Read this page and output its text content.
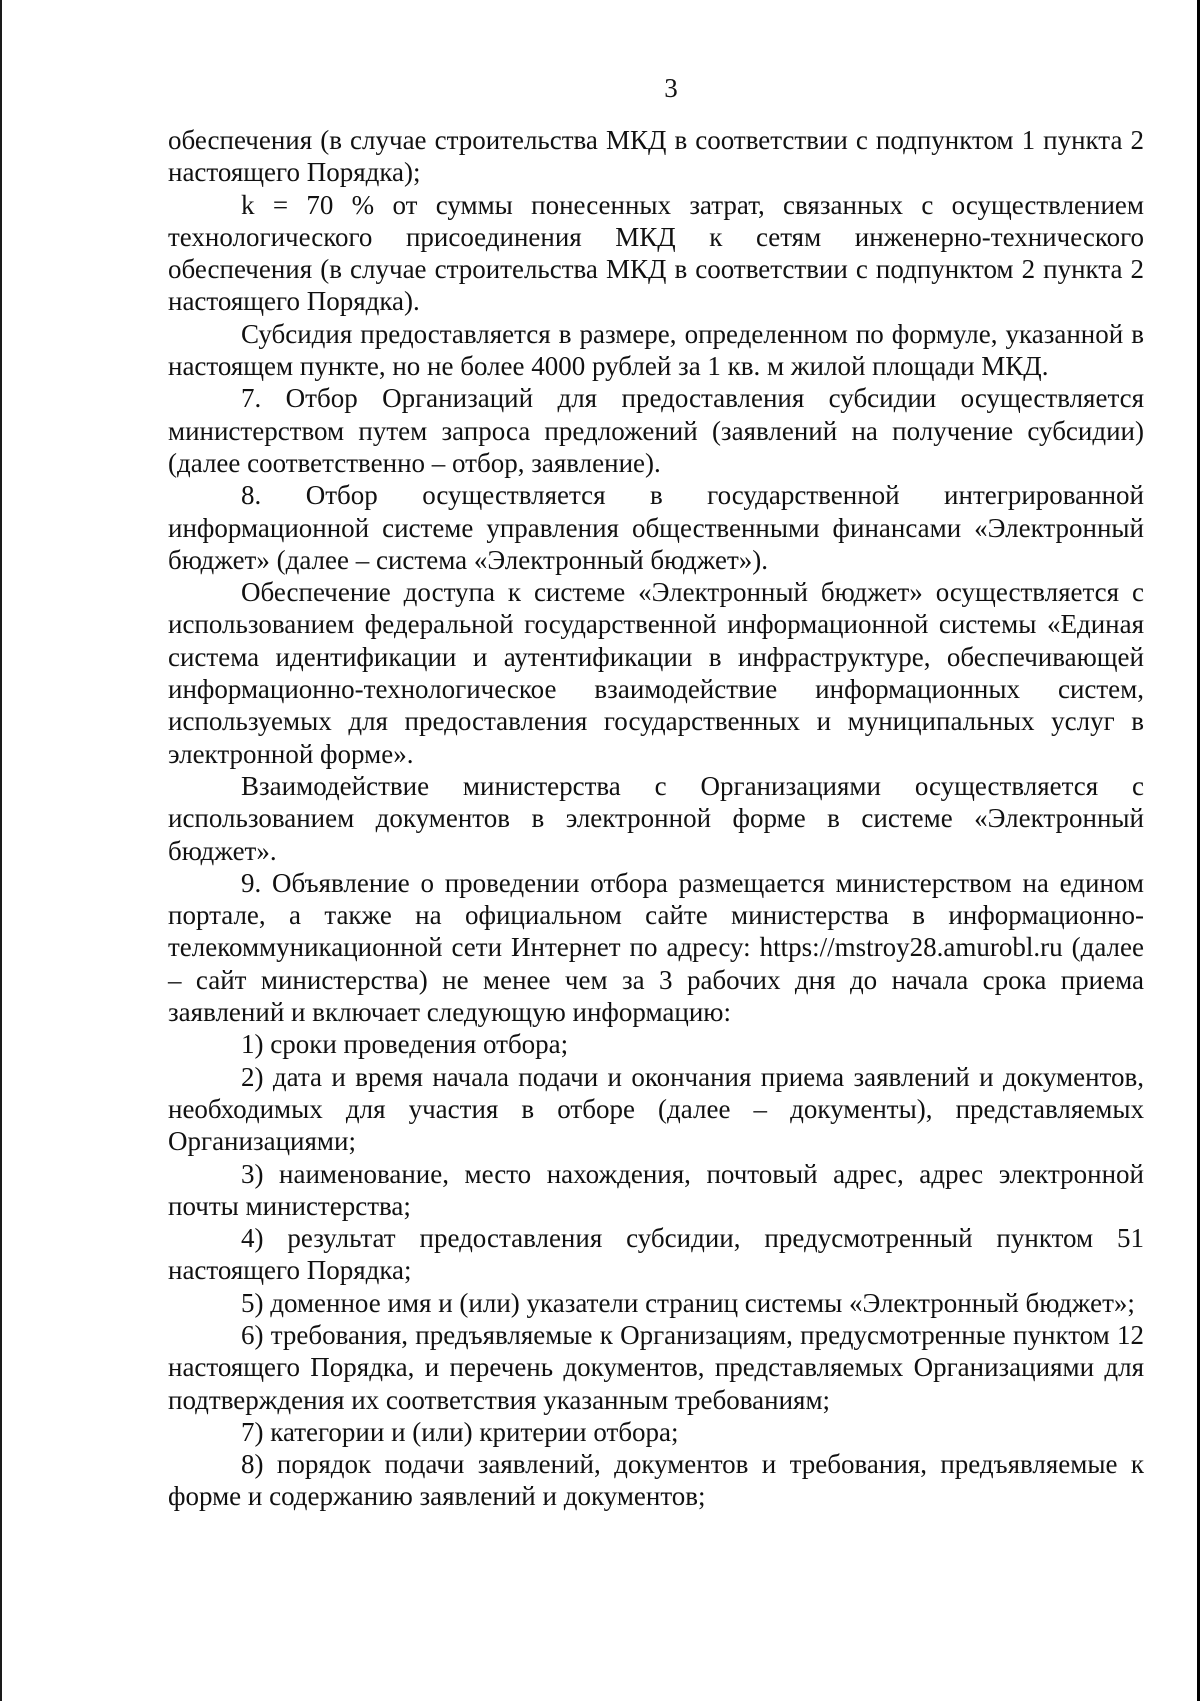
3

обеспечения (в случае строительства МКД в соответствии с подпунктом 1 пункта 2 настоящего Порядка);

k = 70 % от суммы понесенных затрат, связанных с осуществлением технологического присоединения МКД к сетям инженерно-технического обеспечения (в случае строительства МКД в соответствии с подпунктом 2 пункта 2 настоящего Порядка).

Субсидия предоставляется в размере, определенном по формуле, указанной в настоящем пункте, но не более 4000 рублей за 1 кв. м жилой площади МКД.

7. Отбор Организаций для предоставления субсидии осуществляется министерством путем запроса предложений (заявлений на получение субсидии) (далее соответственно – отбор, заявление).

8. Отбор осуществляется в государственной интегрированной информационной системе управления общественными финансами «Электронный бюджет» (далее – система «Электронный бюджет»).

Обеспечение доступа к системе «Электронный бюджет» осуществляется с использованием федеральной государственной информационной системы «Единая система идентификации и аутентификации в инфраструктуре, обеспечивающей информационно-технологическое взаимодействие информационных систем, используемых для предоставления государственных и муниципальных услуг в электронной форме».

Взаимодействие министерства с Организациями осуществляется с использованием документов в электронной форме в системе «Электронный бюджет».

9. Объявление о проведении отбора размещается министерством на едином портале, а также на официальном сайте министерства в информационно-телекоммуникационной сети Интернет по адресу: https://mstroy28.amurobl.ru (далее – сайт министерства) не менее чем за 3 рабочих дня до начала срока приема заявлений и включает следующую информацию:

1) сроки проведения отбора;

2) дата и время начала подачи и окончания приема заявлений и документов, необходимых для участия в отборе (далее – документы), представляемых Организациями;

3) наименование, место нахождения, почтовый адрес, адрес электронной почты министерства;

4) результат предоставления субсидии, предусмотренный пунктом 51 настоящего Порядка;

5) доменное имя и (или) указатели страниц системы «Электронный бюджет»;

6) требования, предъявляемые к Организациям, предусмотренные пунктом 12 настоящего Порядка, и перечень документов, представляемых Организациями для подтверждения их соответствия указанным требованиям;

7) категории и (или) критерии отбора;

8) порядок подачи заявлений, документов и требования, предъявляемые к форме и содержанию заявлений и документов;
